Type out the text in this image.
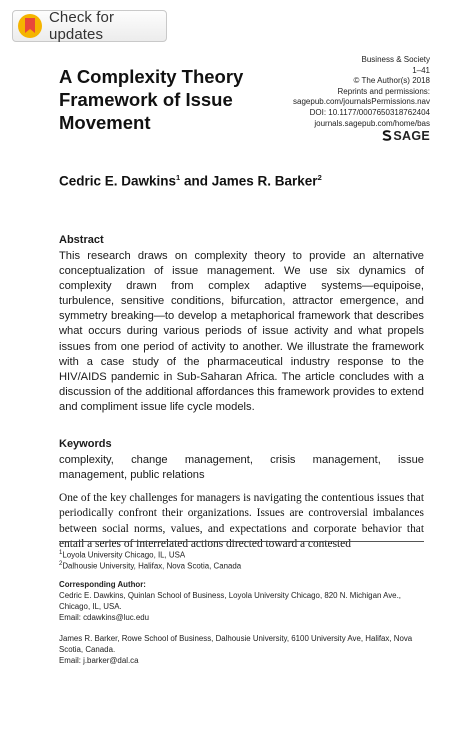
Check for updates
Business & Society
1–41
© The Author(s) 2018
Reprints and permissions:
sagepub.com/journalsPermissions.nav
DOI: 10.1177/0007650318762404
journals.sagepub.com/home/bas
SAGE
A Complexity Theory Framework of Issue Movement
Cedric E. Dawkins$^1$ and James R. Barker$^2$
Abstract

This research draws on complexity theory to provide an alternative conceptualization of issue management. We use six dynamics of complexity drawn from complex adaptive systems—equipoise, turbulence, sensitive conditions, bifurcation, attractor emergence, and symmetry breaking—to develop a metaphorical framework that describes what occurs during various periods of issue activity and what propels issues from one period of activity to another. We illustrate the framework with a case study of the pharmaceutical industry response to the HIV/AIDS pandemic in Sub-Saharan Africa. The article concludes with a discussion of the additional affordances this framework provides to extend and compliment issue life cycle models.

Keywords

complexity, change management, crisis management, issue management, public relations

One of the key challenges for managers is navigating the contentious issues that periodically confront their organizations. Issues are controversial imbalances between social norms, values, and expectations and corporate behavior that entail a series of interrelated actions directed toward a contested

$^1$Loyola University Chicago, IL, USA

$^2$Dalhousie University, Halifax, Nova Scotia, Canada

Corresponding Author:

Cedric E. Dawkins, Quinlan School of Business, Loyola University Chicago, 820 N. Michigan Ave., Chicago, IL, USA.

Email: cdawkins@luc.edu

James R. Barker, Rowe School of Business, Dalhousie University, 6100 University Ave, Halifax, Nova Scotia, Canada.

Email: j.barker@dal.ca
